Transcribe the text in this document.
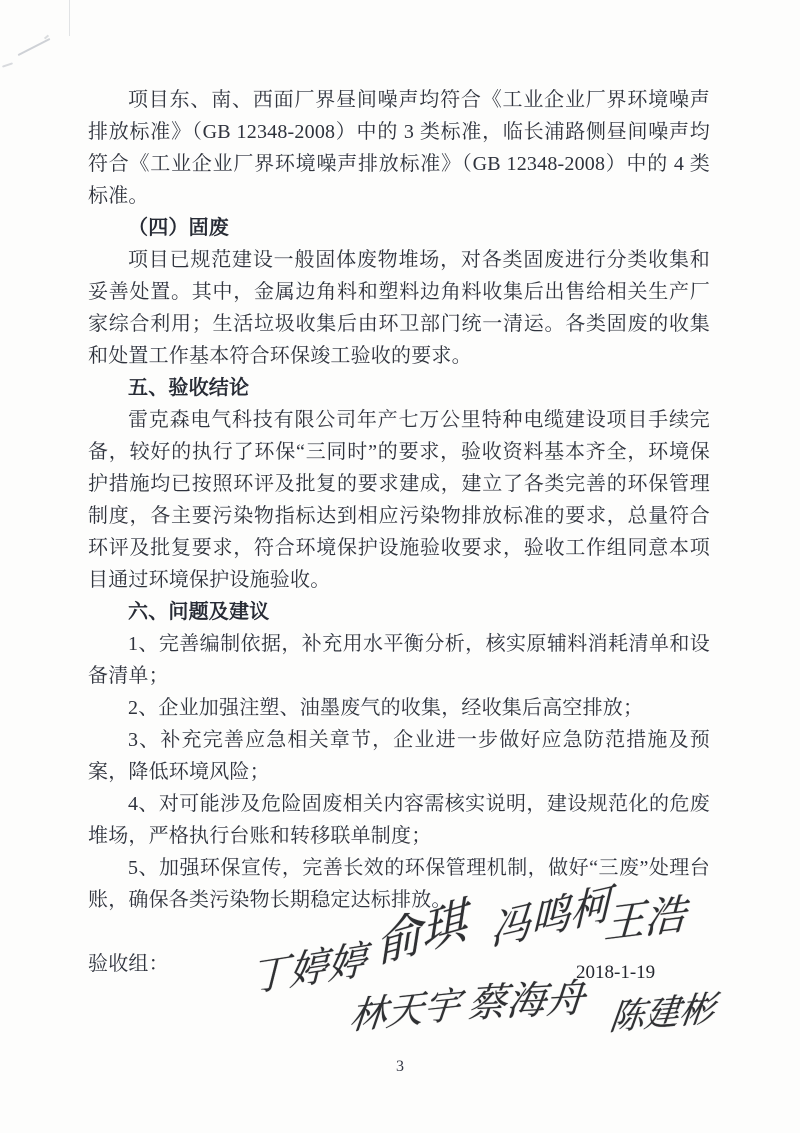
项目东、南、西面厂界昼间噪声均符合《工业企业厂界环境噪声排放标准》（GB 12348-2008）中的 3 类标准，临长浦路侧昼间噪声均符合《工业企业厂界环境噪声排放标准》（GB 12348-2008）中的 4 类标准。

（四）固废

项目已规范建设一般固体废物堆场，对各类固废进行分类收集和妥善处置。其中，金属边角料和塑料边角料收集后出售给相关生产厂家综合利用；生活垃圾收集后由环卫部门统一清运。各类固废的收集和处置工作基本符合环保竣工验收的要求。

五、验收结论

雷克森电气科技有限公司年产七万公里特种电缆建设项目手续完备，较好的执行了环保“三同时”的要求，验收资料基本齐全，环境保护措施均已按照环评及批复的要求建成，建立了各类完善的环保管理制度，各主要污染物指标达到相应污染物排放标准的要求，总量符合环评及批复要求，符合环境保护设施验收要求，验收工作组同意本项目通过环境保护设施验收。

六、问题及建议

1、完善编制依据，补充用水平衡分析，核实原辅料消耗清单和设备清单；

2、企业加强注塑、油墨废气的收集，经收集后高空排放；

3、补充完善应急相关章节，企业进一步做好应急防范措施及预案，降低环境风险；

4、对可能涉及危险固废相关内容需核实说明，建设规范化的危废堆场，严格执行台账和转移联单制度；

5、加强环保宣传，完善长效的环保管理机制，做好“三废”处理台账，确保各类污染物长期稳定达标排放。

验收组：	俞琪 冯鸣柯
王浩
丁婷婷
林天宇 蔡海舟 陈建彬
2018-1-19
3
